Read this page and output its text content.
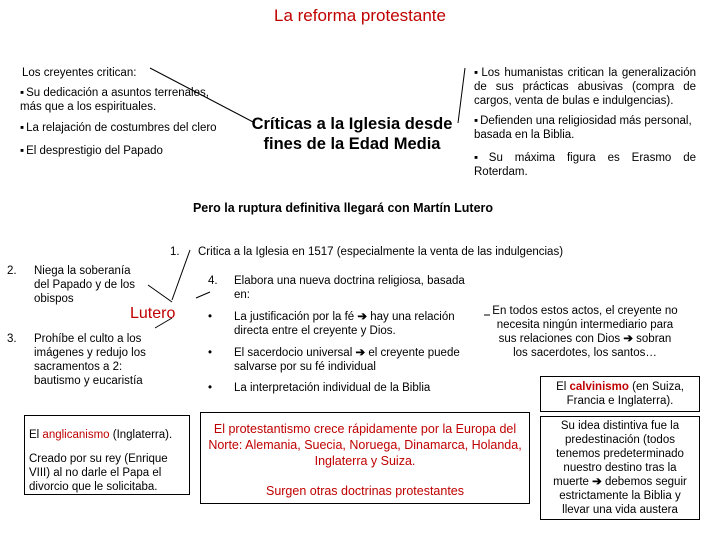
La reforma protestante
Los creyentes critican:
▪ Su dedicación a asuntos terrenales, más que a los espirituales.
▪ La relajación de costumbres del clero
▪ El desprestigio del Papado
Críticas a la Iglesia desde fines de la Edad Media
▪ Los humanistas critican la generalización de sus prácticas abusivas (compra de cargos, venta de bulas e indulgencias).
▪ Defienden una religiosidad más personal, basada en la Biblia.
▪ Su máxima figura es Erasmo de Roterdam.
Pero la ruptura definitiva llegará con Martín Lutero
1. Critica a la Iglesia en 1517 (especialmente la venta de las indulgencias)
2. Niega la soberanía del Papado y de los obispos
Lutero
3. Prohíbe el culto a los imágenes y redujo los sacramentos a 2: bautismo y eucaristía
4. Elabora una nueva doctrina religiosa, basada en:
• La justificación por la fé ➔ hay una relación directa entre el creyente y Dios.
• El sacerdocio universal ➔ el creyente puede salvarse por su fé individual
• La interpretación individual de la Biblia
En todos estos actos, el creyente no necesita ningún intermediario para sus relaciones con Dios ➔ sobran los sacerdotes, los santos…
El anglicanismo (Inglaterra).
Creado por su rey (Enrique VIII) al no darle el Papa el divorcio que le solicitaba.
El protestantismo crece rápidamente por la Europa del Norte: Alemania, Suecia, Noruega, Dinamarca, Holanda, Inglaterra y Suiza.
Surgen otras doctrinas protestantes
El calvinismo (en Suiza, Francia e Inglaterra).
Su idea distintiva fue la predestinación (todos tenemos predeterminado nuestro destino tras la muerte ➔ debemos seguir estrictamente la Biblia y llevar una vida austera
